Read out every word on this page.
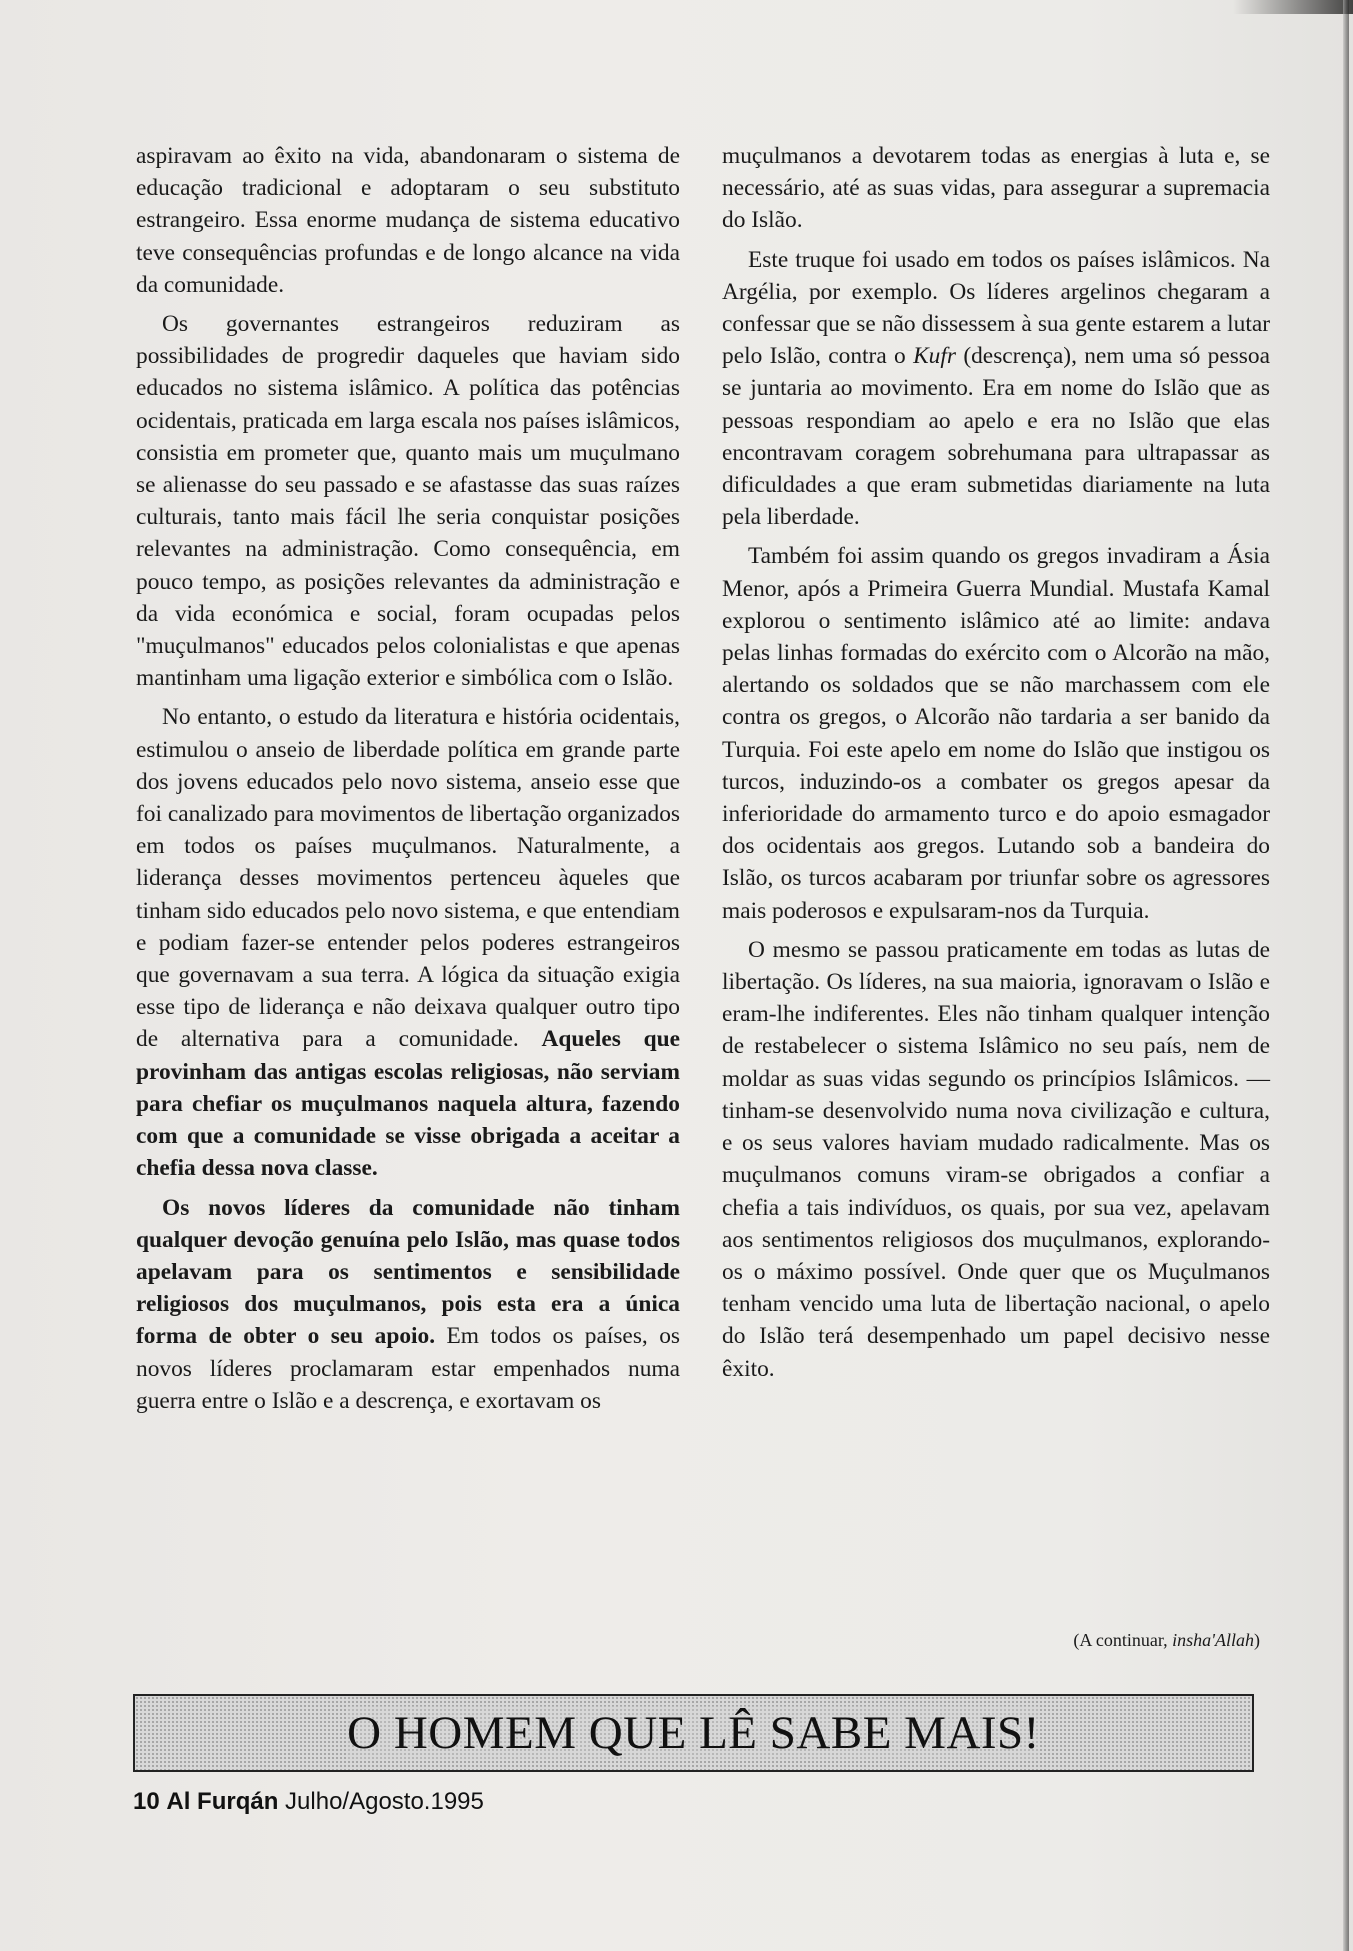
aspiravam ao êxito na vida, abandonaram o sistema de educação tradicional e adoptaram o seu substituto estrangeiro. Essa enorme mudança de sistema educativo teve consequências profundas e de longo alcance na vida da comunidade.

Os governantes estrangeiros reduziram as possibilidades de progredir daqueles que haviam sido educados no sistema islâmico. A política das potências ocidentais, praticada em larga escala nos países islâmicos, consistia em prometer que, quanto mais um muçulmano se alienasse do seu passado e se afastasse das suas raízes culturais, tanto mais fácil lhe seria conquistar posições relevantes na administração. Como consequência, em pouco tempo, as posições relevantes da administração e da vida económica e social, foram ocupadas pelos "muçulmanos" educados pelos colonialistas e que apenas mantinham uma ligação exterior e simbólica com o Islão.

No entanto, o estudo da literatura e história ocidentais, estimulou o anseio de liberdade política em grande parte dos jovens educados pelo novo sistema, anseio esse que foi canalizado para movimentos de libertação organizados em todos os países muçulmanos. Naturalmente, a liderança desses movimentos pertenceu àqueles que tinham sido educados pelo novo sistema, e que entendiam e podiam fazer-se entender pelos poderes estrangeiros que governavam a sua terra. A lógica da situação exigia esse tipo de liderança e não deixava qualquer outro tipo de alternativa para a comunidade. Aqueles que provinham das antigas escolas religiosas, não serviam para chefiar os muçulmanos naquela altura, fazendo com que a comunidade se visse obrigada a aceitar a chefia dessa nova classe.

Os novos líderes da comunidade não tinham qualquer devoção genuína pelo Islão, mas quase todos apelavam para os sentimentos e sensibilidade religiosos dos muçulmanos, pois esta era a única forma de obter o seu apoio. Em todos os países, os novos líderes proclamaram estar empenhados numa guerra entre o Islão e a descrença, e exortavam os

muçulmanos a devotarem todas as energias à luta e, se necessário, até as suas vidas, para assegurar a supremacia do Islão.

Este truque foi usado em todos os países islâmicos. Na Argélia, por exemplo. Os líderes argelinos chegaram a confessar que se não dissessem à sua gente estarem a lutar pelo Islão, contra o Kufr (descrença), nem uma só pessoa se juntaria ao movimento. Era em nome do Islão que as pessoas respondiam ao apelo e era no Islão que elas encontravam coragem sobrehumana para ultrapassar as dificuldades a que eram submetidas diariamente na luta pela liberdade.

Também foi assim quando os gregos invadiram a Ásia Menor, após a Primeira Guerra Mundial. Mustafa Kamal explorou o sentimento islâmico até ao limite: andava pelas linhas formadas do exército com o Alcorão na mão, alertando os soldados que se não marchassem com ele contra os gregos, o Alcorão não tardaria a ser banido da Turquia. Foi este apelo em nome do Islão que instigou os turcos, induzindo-os a combater os gregos apesar da inferioridade do armamento turco e do apoio esmagador dos ocidentais aos gregos. Lutando sob a bandeira do Islão, os turcos acabaram por triunfar sobre os agressores mais poderosos e expulsaram-nos da Turquia.

O mesmo se passou praticamente em todas as lutas de libertação. Os líderes, na sua maioria, ignoravam o Islão e eram-lhe indiferentes. Eles não tinham qualquer intenção de restabelecer o sistema Islâmico no seu país, nem de moldar as suas vidas segundo os princípios Islâmicos. — tinham-se desenvolvido numa nova civilização e cultura, e os seus valores haviam mudado radicalmente. Mas os muçulmanos comuns viram-se obrigados a confiar a chefia a tais indivíduos, os quais, por sua vez, apelavam aos sentimentos religiosos dos muçulmanos, explorando-os o máximo possível. Onde quer que os Muçulmanos tenham vencido uma luta de libertação nacional, o apelo do Islão terá desempenhado um papel decisivo nesse êxito.

(A continuar, insha'Allah)
O HOMEM QUE LÊ SABE MAIS!
10 Al Furqán Julho/Agosto.1995
